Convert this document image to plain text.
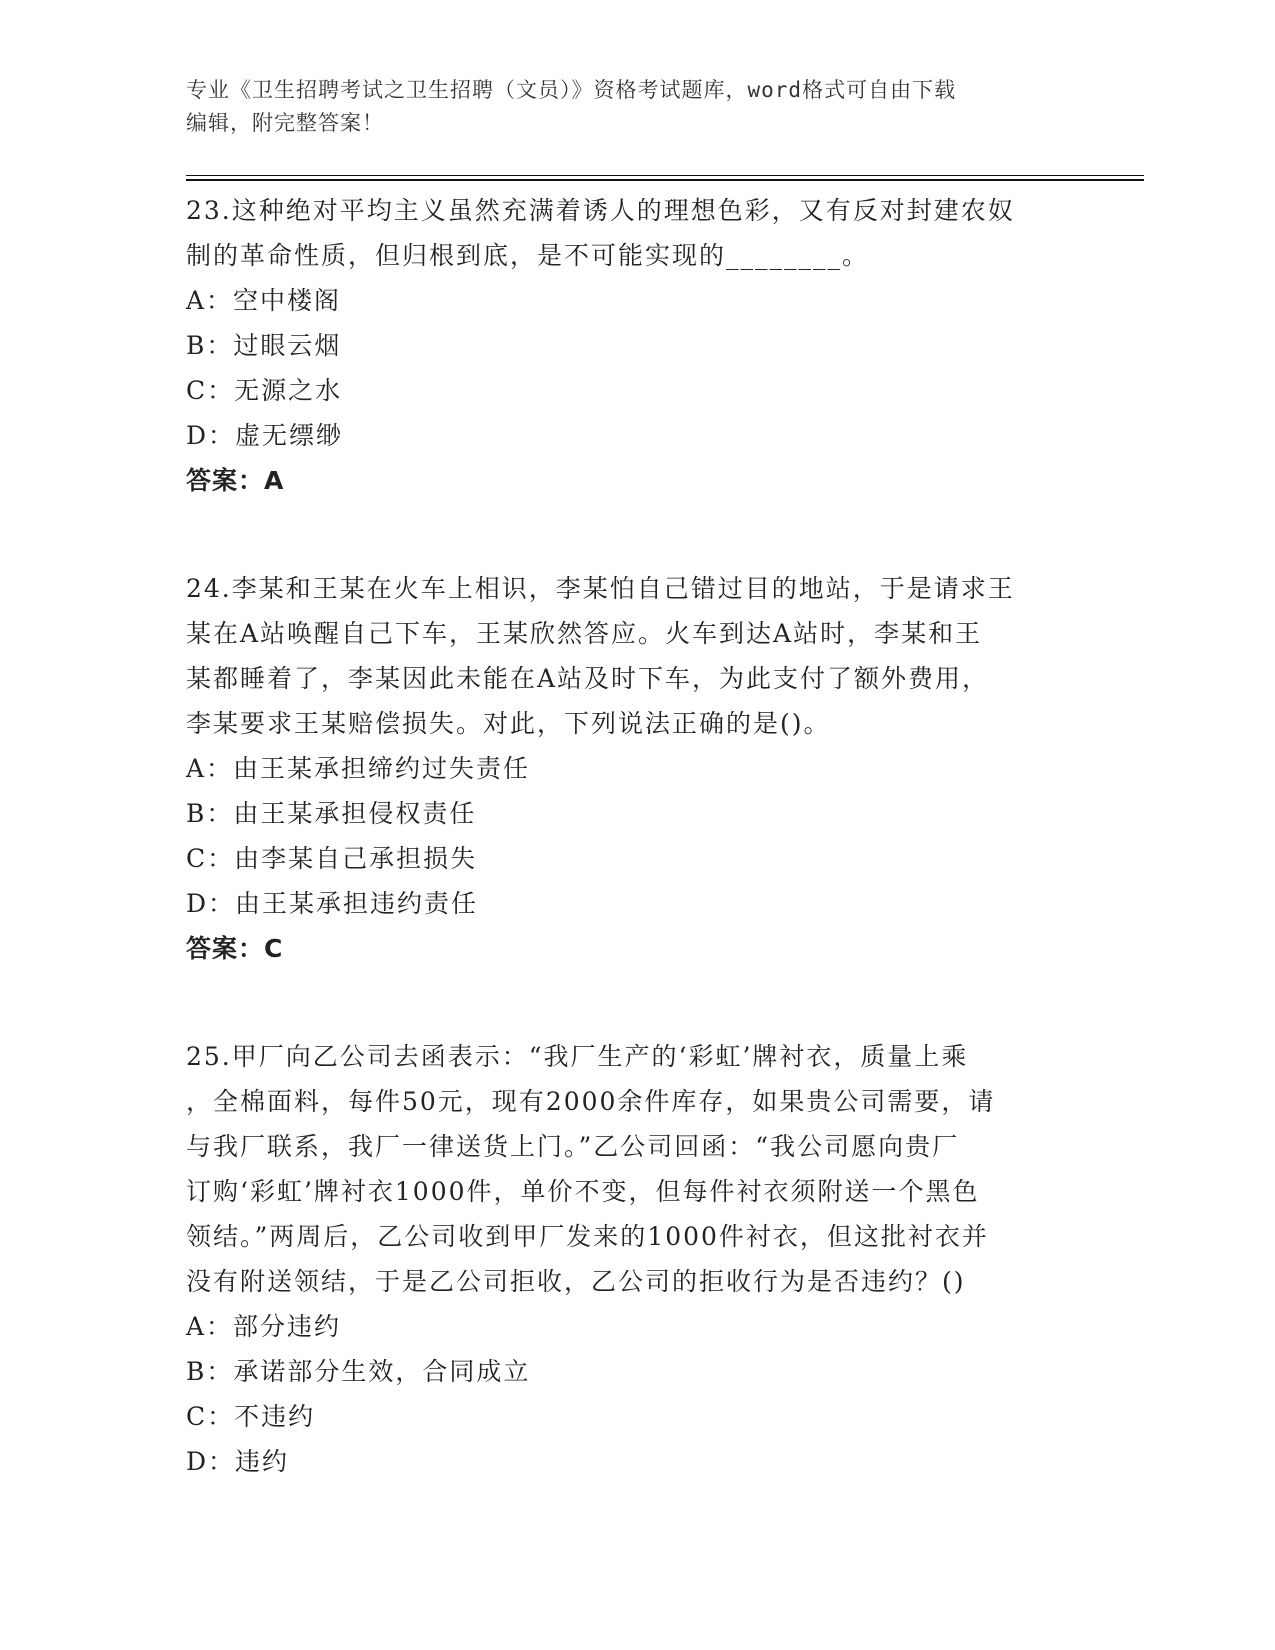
专业《卫生招聘考试之卫生招聘（文员）》资格考试题库，word格式可自由下载
编辑，附完整答案！
23.这种绝对平均主义虽然充满着诱人的理想色彩，又有反对封建农奴
制的革命性质，但归根到底，是不可能实现的________。
A：空中楼阁
B：过眼云烟
C：无源之水
D：虚无缥缈
答案：A
24.李某和王某在火车上相识，李某怕自己错过目的地站，于是请求王
某在A站唤醒自己下车，王某欣然答应。火车到达A站时，李某和王
某都睡着了，李某因此未能在A站及时下车，为此支付了额外费用，
李某要求王某赔偿损失。对此，下列说法正确的是()。
A：由王某承担缔约过失责任
B：由王某承担侵权责任
C：由李某自己承担损失
D：由王某承担违约责任
答案：C
25.甲厂向乙公司去函表示：“我厂生产的‘彩虹’牌衬衣，质量上乘
，全棉面料，每件50元，现有2000余件库存，如果贵公司需要，请
与我厂联系，我厂一律送货上门。”乙公司回函：“我公司愿向贵厂
订购‘彩虹’牌衬衣1000件，单价不变，但每件衬衣须附送一个黑色
领结。”两周后，乙公司收到甲厂发来的1000件衬衣，但这批衬衣并
没有附送领结，于是乙公司拒收，乙公司的拒收行为是否违约？()
A：部分违约
B：承诺部分生效，合同成立
C：不违约
D：违约
